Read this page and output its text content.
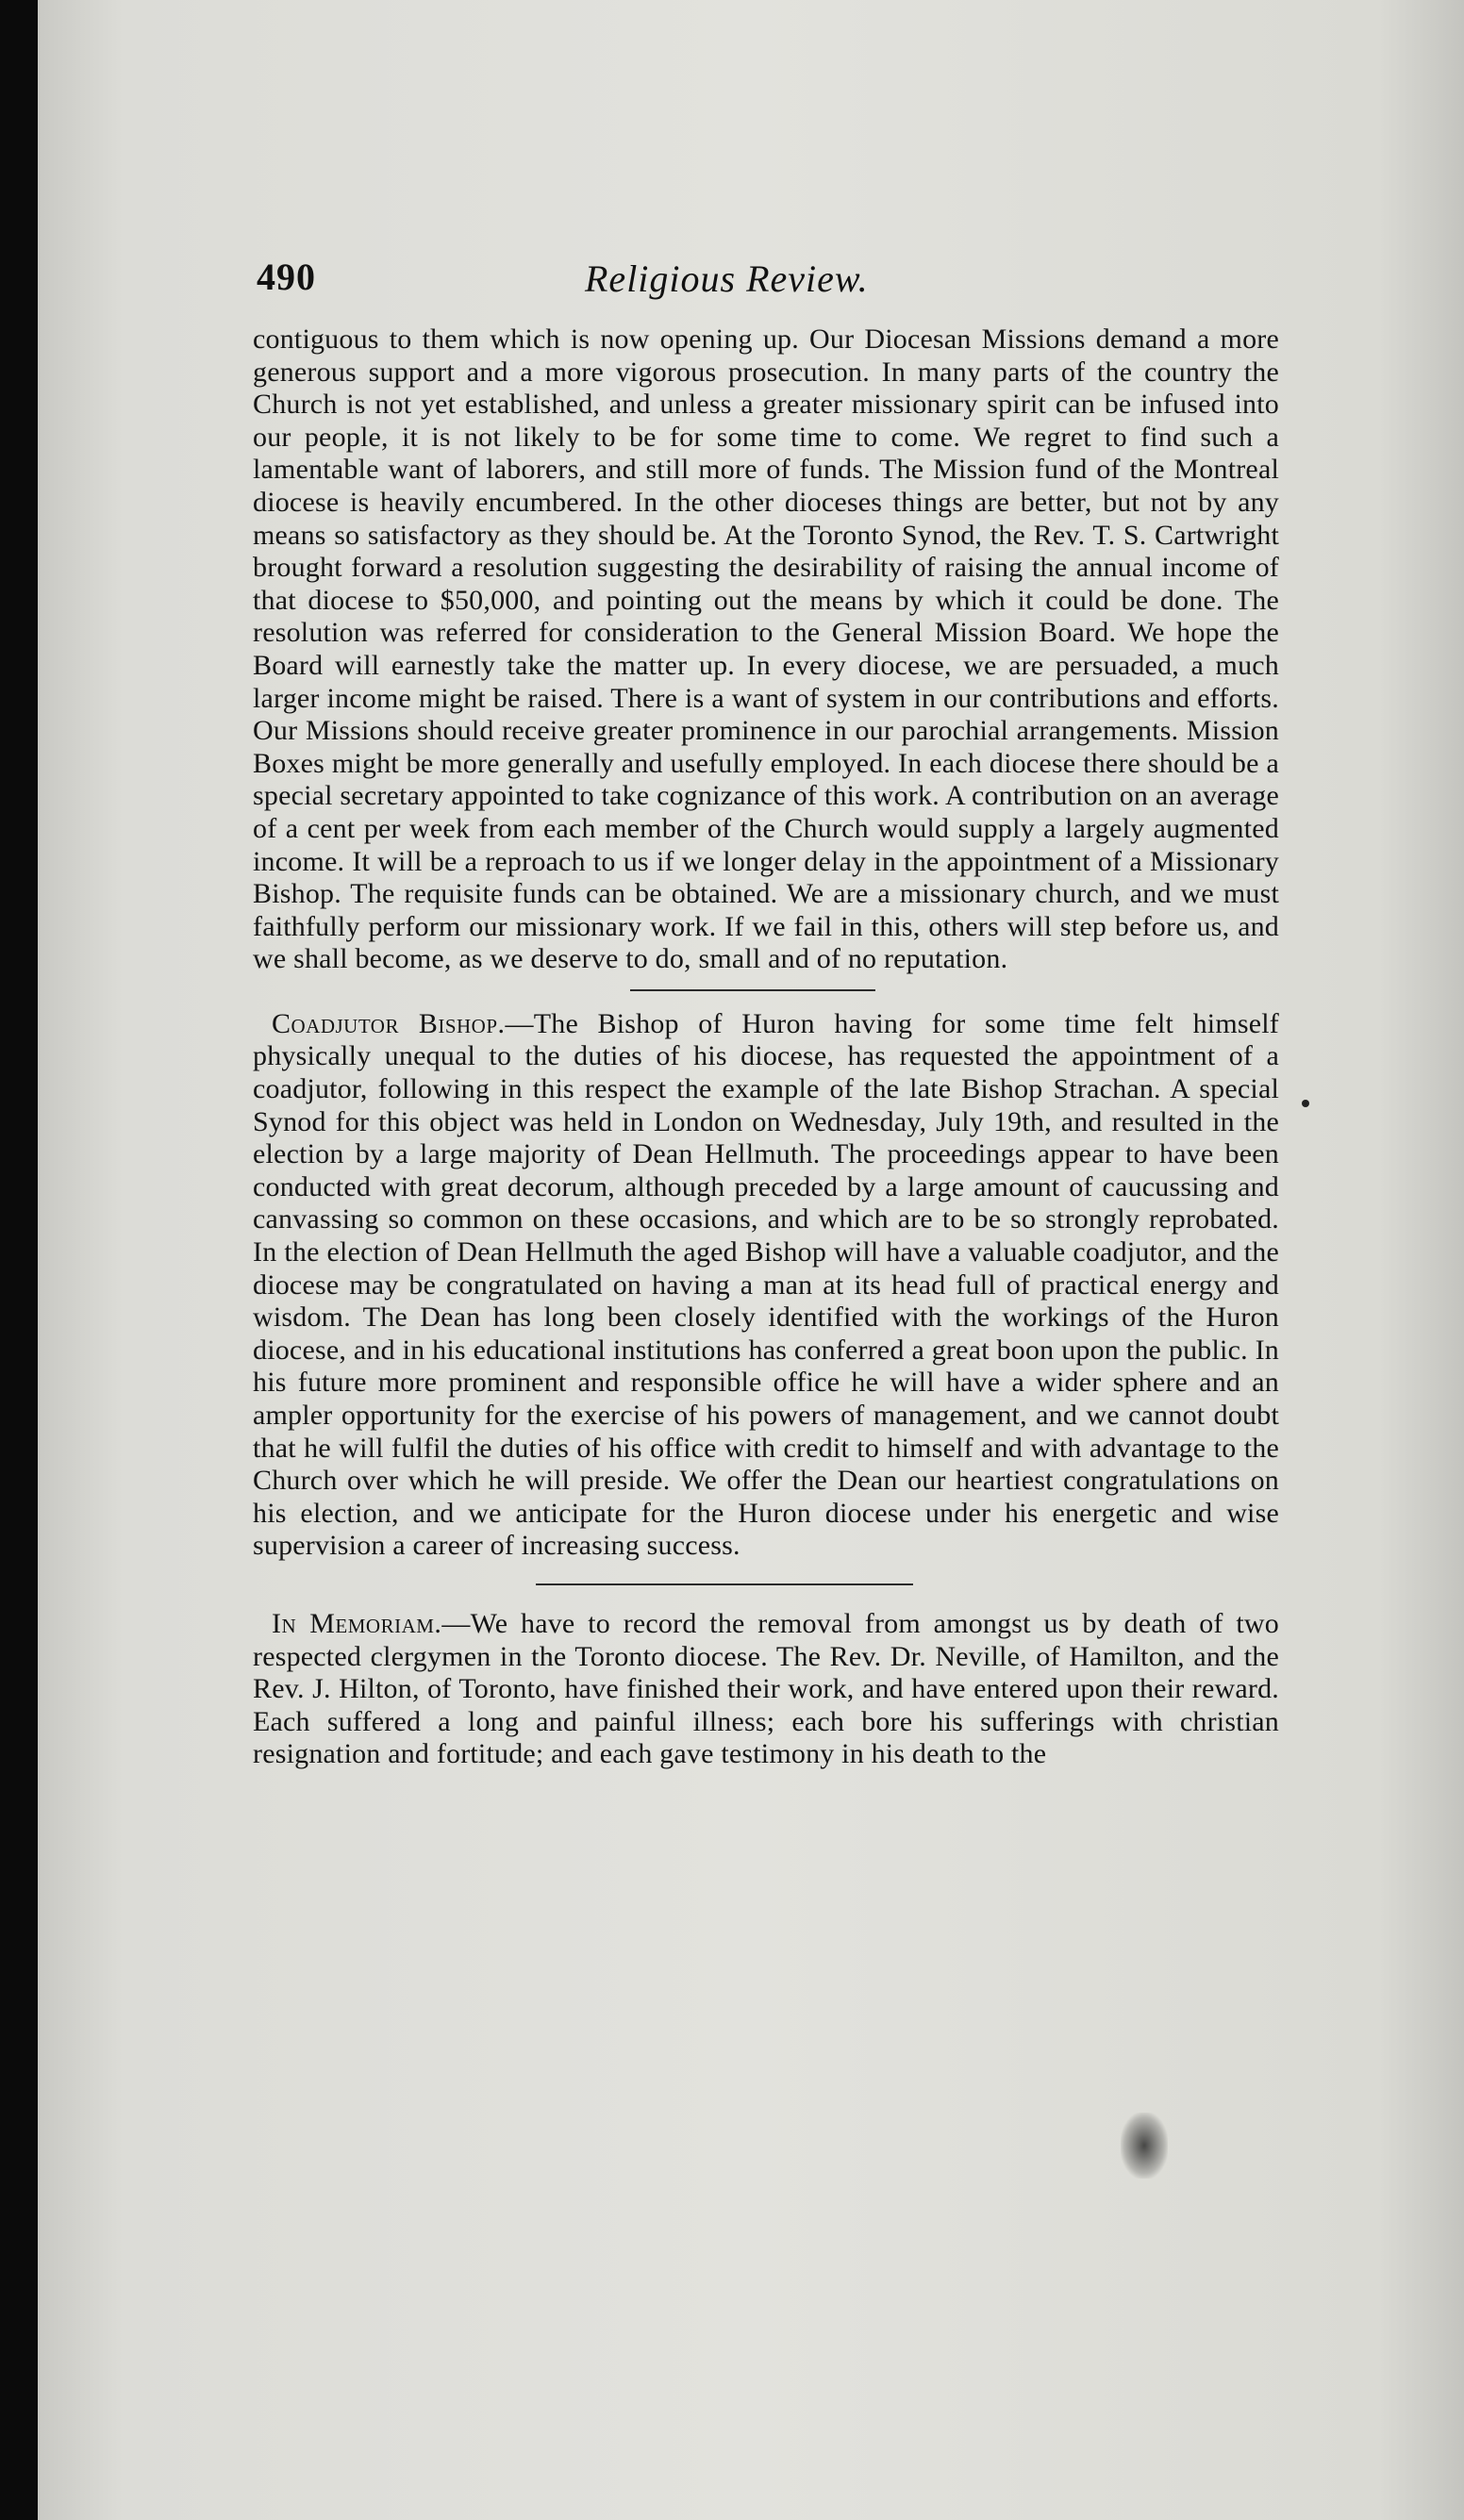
490	Religious Review.

contiguous to them which is now opening up. Our Diocesan Missions demand a more generous support and a more vigorous prosecution. In many parts of the country the Church is not yet established, and unless a greater missionary spirit can be infused into our people, it is not likely to be for some time to come. We regret to find such a lamentable want of laborers, and still more of funds. The Mission fund of the Montreal diocese is heavily encumbered. In the other dioceses things are better, but not by any means so satisfactory as they should be. At the Toronto Synod, the Rev. T. S. Cartwright brought forward a resolution suggesting the desirability of raising the annual income of that diocese to $50,000, and pointing out the means by which it could be done. The resolution was referred for consideration to the General Mission Board. We hope the Board will earnestly take the matter up. In every diocese, we are persuaded, a much larger income might be raised. There is a want of system in our contributions and efforts. Our Missions should receive greater prominence in our parochial arrangements. Mission Boxes might be more generally and usefully employed. In each diocese there should be a special secretary appointed to take cognizance of this work. A contribution on an average of a cent per week from each member of the Church would supply a largely augmented income. It will be a reproach to us if we longer delay in the appointment of a Missionary Bishop. The requisite funds can be obtained. We are a missionary church, and we must faithfully perform our missionary work. If we fail in this, others will step before us, and we shall become, as we deserve to do, small and of no reputation.

Coadjutor Bishop.—The Bishop of Huron having for some time felt himself physically unequal to the duties of his diocese, has requested the appointment of a coadjutor, following in this respect the example of the late Bishop Strachan. A special Synod for this object was held in London on Wednesday, July 19th, and resulted in the election by a large majority of Dean Hellmuth. The proceedings appear to have been conducted with great decorum, although preceded by a large amount of caucussing and canvassing so common on these occasions, and which are to be so strongly reprobated. In the election of Dean Hellmuth the aged Bishop will have a valuable coadjutor, and the diocese may be congratulated on having a man at its head full of practical energy and wisdom. The Dean has long been closely identified with the workings of the Huron diocese, and in his educational institutions has conferred a great boon upon the public. In his future more prominent and responsible office he will have a wider sphere and an ampler opportunity for the exercise of his powers of management, and we cannot doubt that he will fulfil the duties of his office with credit to himself and with advantage to the Church over which he will preside. We offer the Dean our heartiest congratulations on his election, and we anticipate for the Huron diocese under his energetic and wise supervision a career of increasing success.

In Memoriam.—We have to record the removal from amongst us by death of two respected clergymen in the Toronto diocese. The Rev. Dr. Neville, of Hamilton, and the Rev. J. Hilton, of Toronto, have finished their work, and have entered upon their reward. Each suffered a long and painful illness; each bore his sufferings with christian resignation and fortitude; and each gave testimony in his death to the
